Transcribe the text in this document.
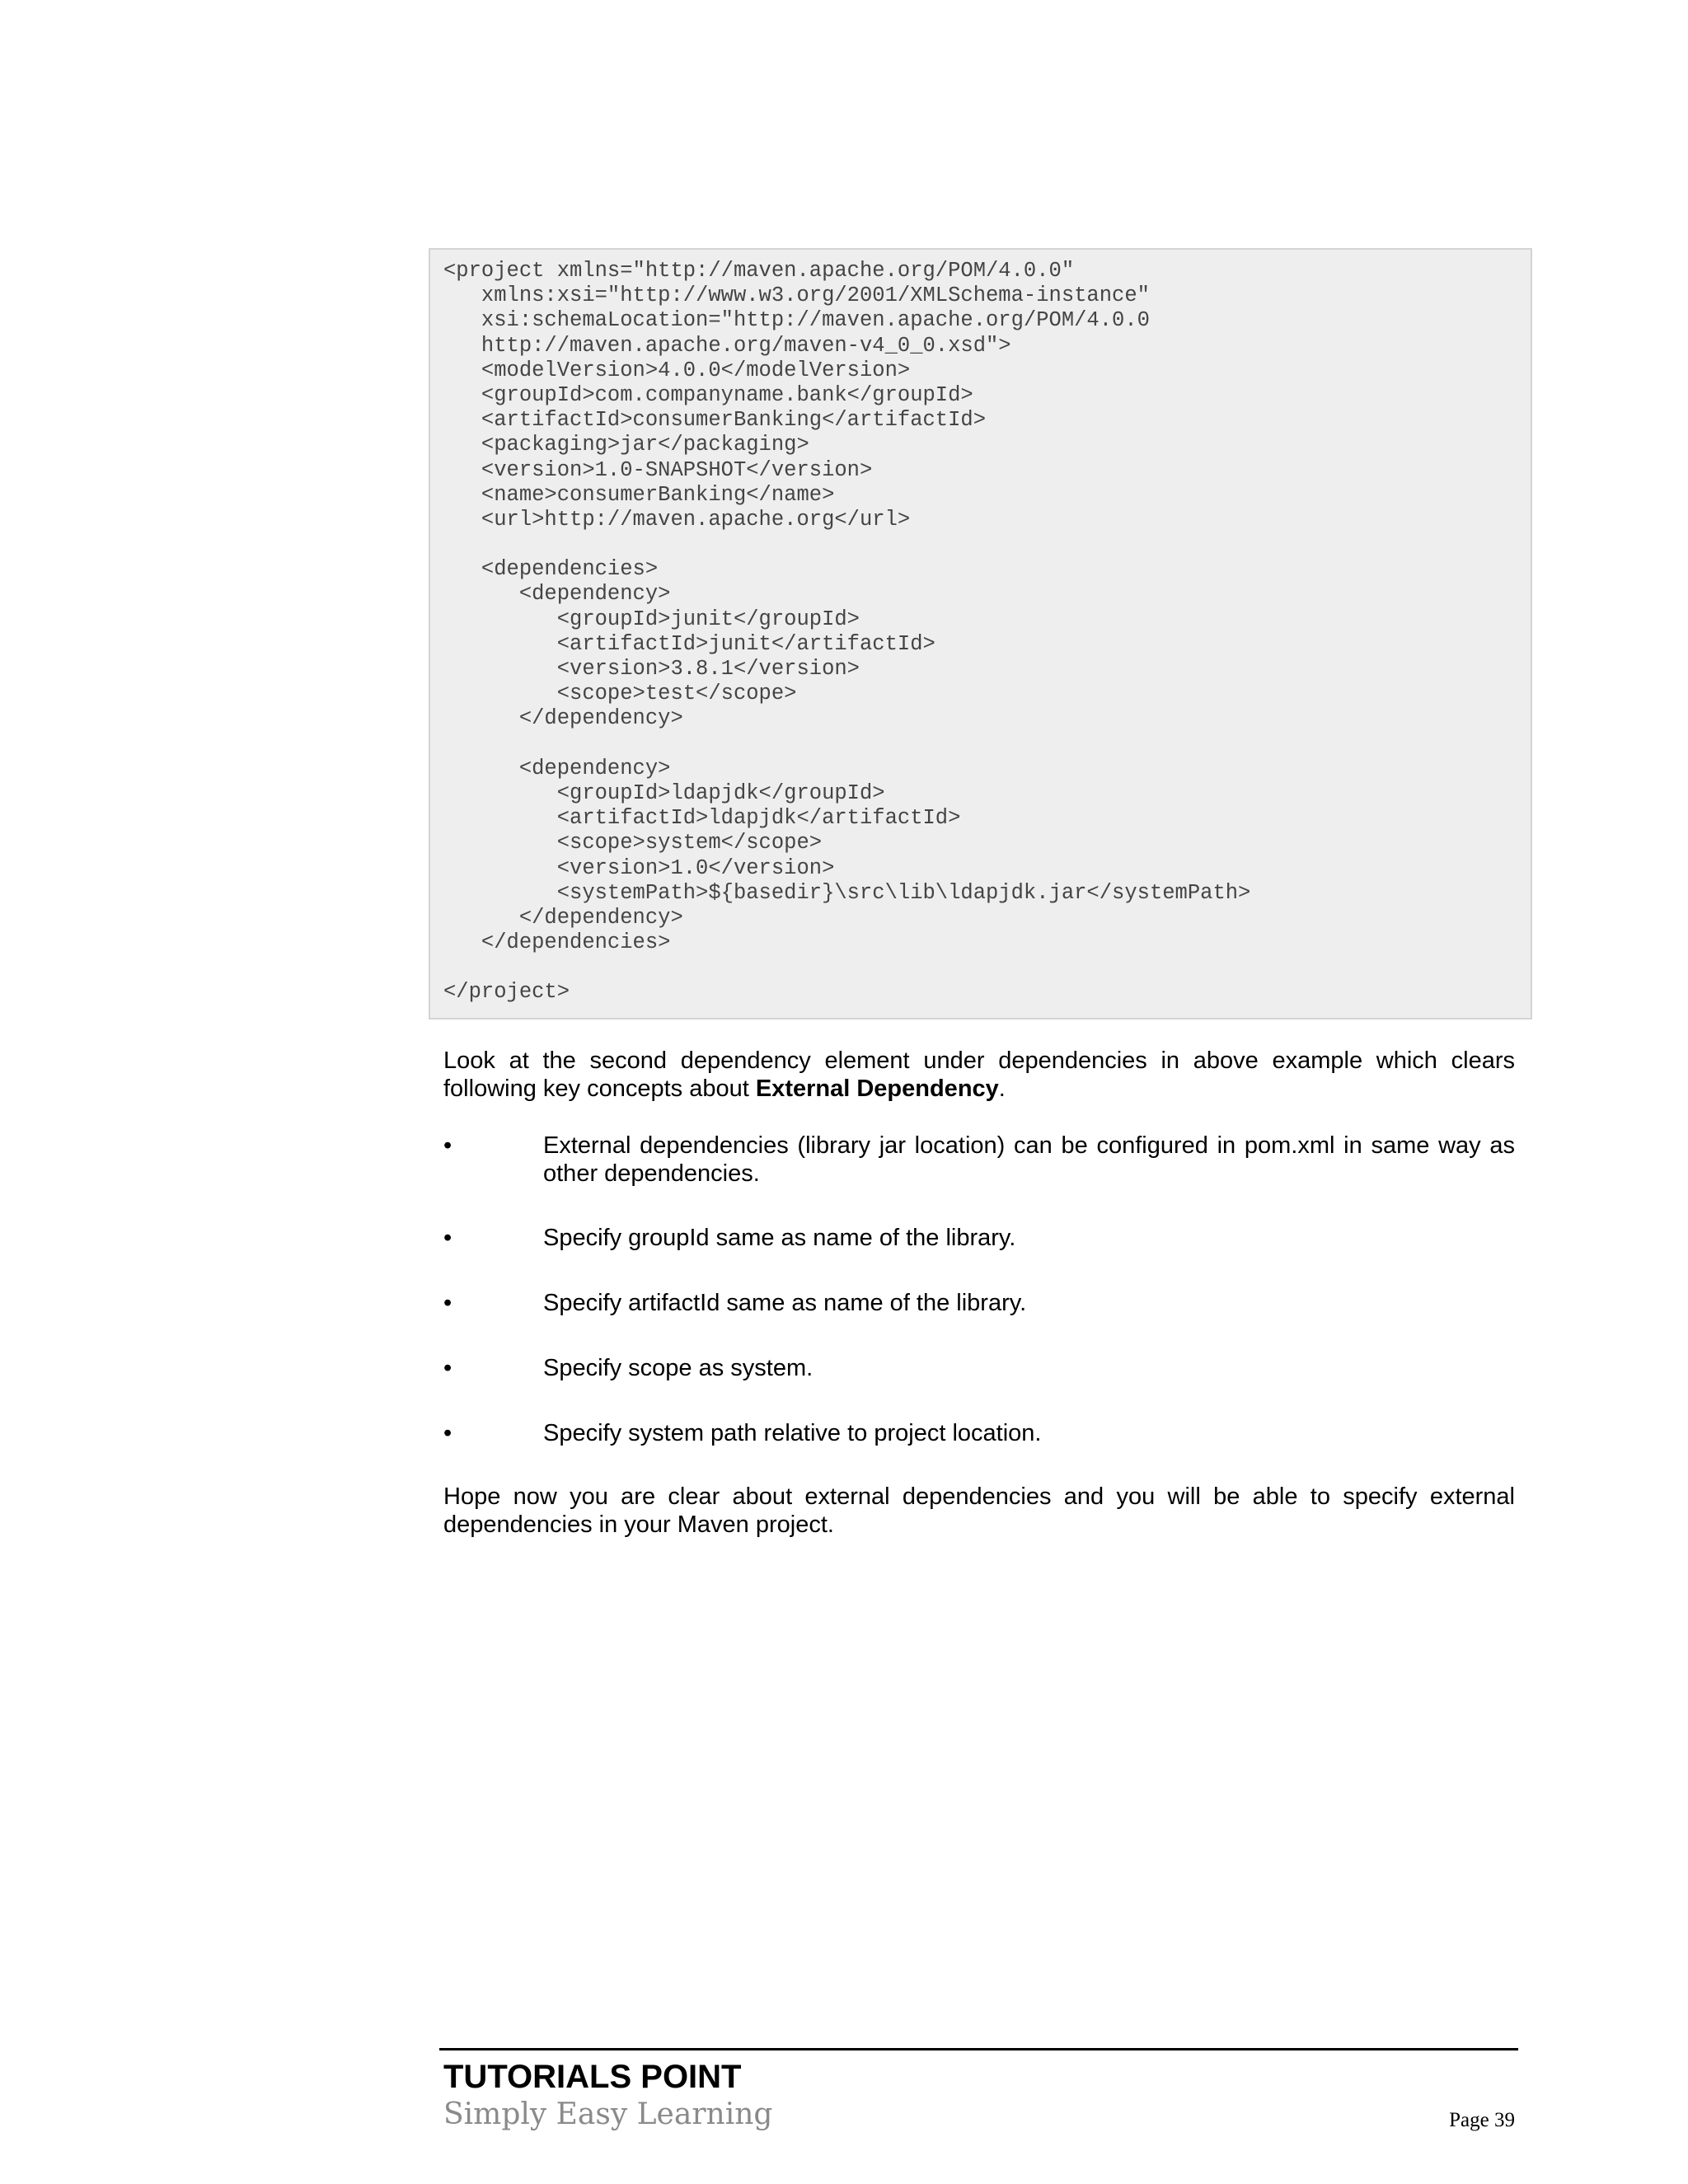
<project xmlns="http://maven.apache.org/POM/4.0.0"
xmlns:xsi="http://www.w3.org/2001/XMLSchema-instance"
xsi:schemaLocation="http://maven.apache.org/POM/4.0.0
http://maven.apache.org/maven-v4_0_0.xsd">
<modelVersion>4.0.0</modelVersion>
<groupId>com.companyname.bank</groupId>
<artifactId>consumerBanking</artifactId>
<packaging>jar</packaging>
<version>1.0-SNAPSHOT</version>
<name>consumerBanking</name>
<url>http://maven.apache.org</url>
<dependencies>
<dependency>
<groupId>junit</groupId>
<artifactId>junit</artifactId>
<version>3.8.1</version>
<scope>test</scope>
</dependency>
<dependency>
<groupId>ldapjdk</groupId>
<artifactId>ldapjdk</artifactId>
<scope>system</scope>
<version>1.0</version>
<systemPath>${basedir}\src\lib\ldapjdk.jar</systemPath>
</dependency>
</dependencies>
</project>

Look at the second dependency element under dependencies in above example which clears following key concepts about External Dependency.

•	External dependencies (library jar location) can be configured in pom.xml in same way as other dependencies.
•	Specify groupId same as name of the library.
•	Specify artifactId same as name of the library.
•	Specify scope as system.
•	Specify system path relative to project location.

Hope now you are clear about external dependencies and you will be able to specify external dependencies in your Maven project.

TUTORIALS POINT
Simply Easy Learning	Page 39
